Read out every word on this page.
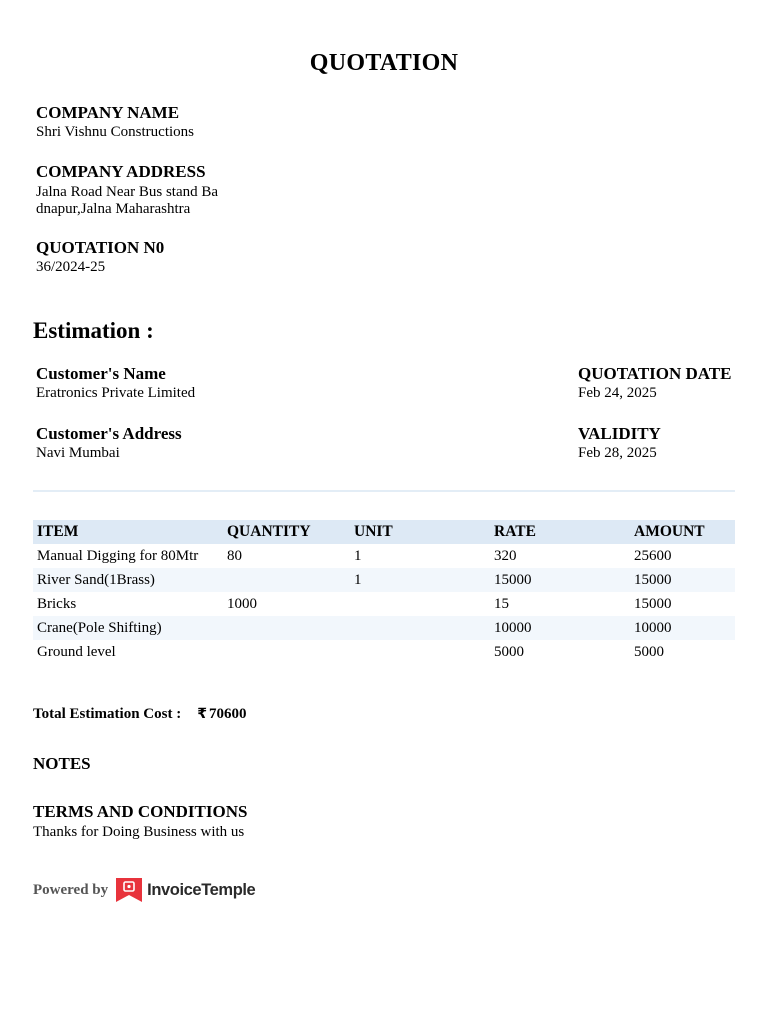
QUOTATION
COMPANY NAME
Shri Vishnu Constructions
COMPANY ADDRESS
Jalna Road Near Bus stand Ba
dnapur,Jalna Maharashtra
QUOTATION N0
36/2024-25
Estimation :
Customer's Name
Eratronics Private Limited
Customer's Address
Navi Mumbai
QUOTATION DATE
Feb 24, 2025
VALIDITY
Feb 28, 2025
ITEM	QUANTITY	UNIT	RATE	AMOUNT
Manual Digging for 80Mtr	80	1	320	25600
River Sand(1Brass)		1	15000	15000
Bricks	1000		15	15000
Crane(Pole Shifting)			10000	10000
Ground level			5000	5000
Total Estimation Cost : ₹ 70600
NOTES
TERMS AND CONDITIONS
Thanks for Doing Business with us
Powered by InvoiceTemple
